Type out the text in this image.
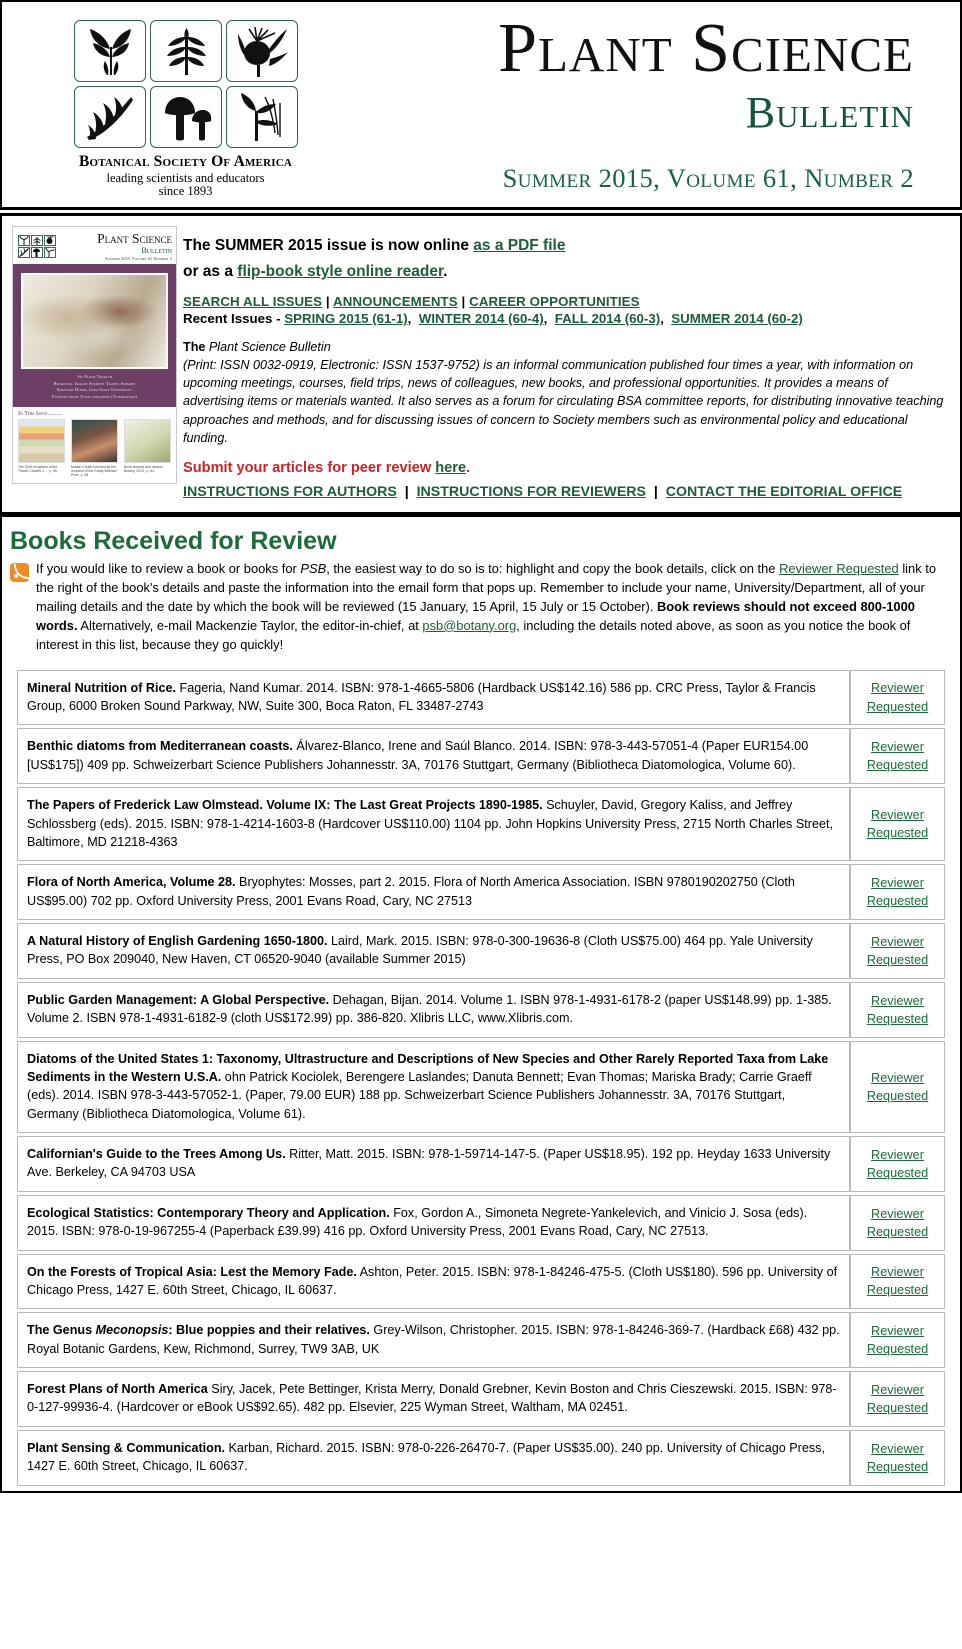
Botanical Society Of America
leading scientists and educators
since 1893
Plant Science
Bulletin
Summer 2015, Volume 61, Number 2
Plant Science
Bulletin
Summer 2015 Volume 61 Number 2
1st Place Triarch
Botanical Images Student Travel Awards
Shannah Dixon, Iowa State University
Flowers from Xyris difformis (Xyridaceae)
In This Issue..........
The 2015 recipients of the Triarch Charles J. ... p. 50
Marian Chubb honored as the recipient of the Grady Webster Prize, p. 58
Book reviews and news in Botany, 2015 , p. 64
The SUMMER 2015 issue is now online as a PDF file
or as a flip-book style online reader.
SEARCH ALL ISSUES | ANNOUNCEMENTS | CAREER OPPORTUNITIES
Recent Issues - SPRING 2015 (61-1),  WINTER 2014 (60-4),  FALL 2014 (60-3),  SUMMER 2014 (60-2)
The Plant Science Bulletin
(Print: ISSN 0032-0919, Electronic: ISSN 1537-9752) is an informal communication published four times a year, with information on upcoming meetings, courses, field trips, news of colleagues, new books, and professional opportunities. It provides a means of advertising items or materials wanted. It also serves as a forum for circulating BSA committee reports, for distributing innovative teaching approaches and methods, and for discussing issues of concern to Society members such as environmental policy and educational funding.
Submit your articles for peer review here.
INSTRUCTIONS FOR AUTHORS  |  INSTRUCTIONS FOR REVIEWERS  |  CONTACT THE EDITORIAL OFFICE
Books Received for Review
If you would like to review a book or books for PSB, the easiest way to do so is to: highlight and copy the book details, click on the Reviewer Requested link to the right of the book's details and paste the information into the email form that pops up. Remember to include your name, University/Department, all of your mailing details and the date by which the book will be reviewed (15 January, 15 April, 15 July or 15 October). Book reviews should not exceed 800-1000 words. Alternatively, e-mail Mackenzie Taylor, the editor-in-chief, at psb@botany.org, including the details noted above, as soon as you notice the book of interest in this list, because they go quickly!
Mineral Nutrition of Rice. Fageria, Nand Kumar. 2014. ISBN: 978-1-4665-5806 (Hardback US$142.16) 586 pp. CRC Press, Taylor & Francis Group, 6000 Broken Sound Parkway, NW, Suite 300, Boca Raton, FL 33487-2743	Reviewer
Requested

Benthic diatoms from Mediterranean coasts. Álvarez-Blanco, Irene and Saúl Blanco. 2014. ISBN: 978-3-443-57051-4 (Paper EUR154.00 [US$175]) 409 pp. Schweizerbart Science Publishers Johannesstr. 3A, 70176 Stuttgart, Germany (Bibliotheca Diatomologica, Volume 60).	Reviewer
Requested

The Papers of Frederick Law Olmstead. Volume IX: The Last Great Projects 1890-1985. Schuyler, David, Gregory Kaliss, and Jeffrey Schlossberg (eds). 2015. ISBN: 978-1-4214-1603-8 (Hardcover US$110.00) 1104 pp. John Hopkins University Press, 2715 North Charles Street, Baltimore, MD 21218-4363	Reviewer
Requested

Flora of North America, Volume 28. Bryophytes: Mosses, part 2. 2015. Flora of North America Association. ISBN 9780190202750 (Cloth US$95.00) 702 pp. Oxford University Press, 2001 Evans Road, Cary, NC 27513	Reviewer
Requested

A Natural History of English Gardening 1650-1800. Laird, Mark. 2015. ISBN: 978-0-300-19636-8 (Cloth US$75.00) 464 pp. Yale University Press, PO Box 209040, New Haven, CT 06520-9040 (available Summer 2015)	Reviewer
Requested

Public Garden Management: A Global Perspective. Dehagan, Bijan. 2014. Volume 1. ISBN 978-1-4931-6178-2 (paper US$148.99) pp. 1-385. Volume 2. ISBN 978-1-4931-6182-9 (cloth US$172.99) pp. 386-820. Xlibris LLC, www.Xlibris.com.	Reviewer
Requested

Diatoms of the United States 1: Taxonomy, Ultrastructure and Descriptions of New Species and Other Rarely Reported Taxa from Lake Sediments in the Western U.S.A. ohn Patrick Kociolek, Berengere Laslandes; Danuta Bennett; Evan Thomas; Mariska Brady; Carrie Graeff (eds). 2014. ISBN 978-3-443-57052-1. (Paper, 79.00 EUR) 188 pp. Schweizerbart Science Publishers Johannesstr. 3A, 70176 Stuttgart, Germany (Bibliotheca Diatomologica, Volume 61).	Reviewer
Requested

Californian's Guide to the Trees Among Us. Ritter, Matt. 2015. ISBN: 978-1-59714-147-5. (Paper US$18.95). 192 pp. Heyday 1633 University Ave. Berkeley, CA 94703 USA	Reviewer
Requested

Ecological Statistics: Contemporary Theory and Application. Fox, Gordon A., Simoneta Negrete-Yankelevich, and Vinicio J. Sosa (eds). 2015. ISBN: 978-0-19-967255-4 (Paperback £39.99) 416 pp. Oxford University Press, 2001 Evans Road, Cary, NC 27513.	Reviewer
Requested

On the Forests of Tropical Asia: Lest the Memory Fade. Ashton, Peter. 2015. ISBN: 978-1-84246-475-5. (Cloth US$180). 596 pp. University of Chicago Press, 1427 E. 60th Street, Chicago, IL 60637.	Reviewer
Requested

The Genus Meconopsis: Blue poppies and their relatives. Grey-Wilson, Christopher. 2015. ISBN: 978-1-84246-369-7. (Hardback £68) 432 pp. Royal Botanic Gardens, Kew, Richmond, Surrey, TW9 3AB, UK	Reviewer
Requested

Forest Plans of North America Siry, Jacek, Pete Bettinger, Krista Merry, Donald Grebner, Kevin Boston and Chris Cieszewski. 2015. ISBN: 978-0-127-99936-4. (Hardcover or eBook US$92.65). 482 pp. Elsevier, 225 Wyman Street, Waltham, MA 02451.	Reviewer
Requested

Plant Sensing & Communication. Karban, Richard. 2015. ISBN: 978-0-226-26470-7. (Paper US$35.00). 240 pp. University of Chicago Press, 1427 E. 60th Street, Chicago, IL 60637.	Reviewer
Requested
